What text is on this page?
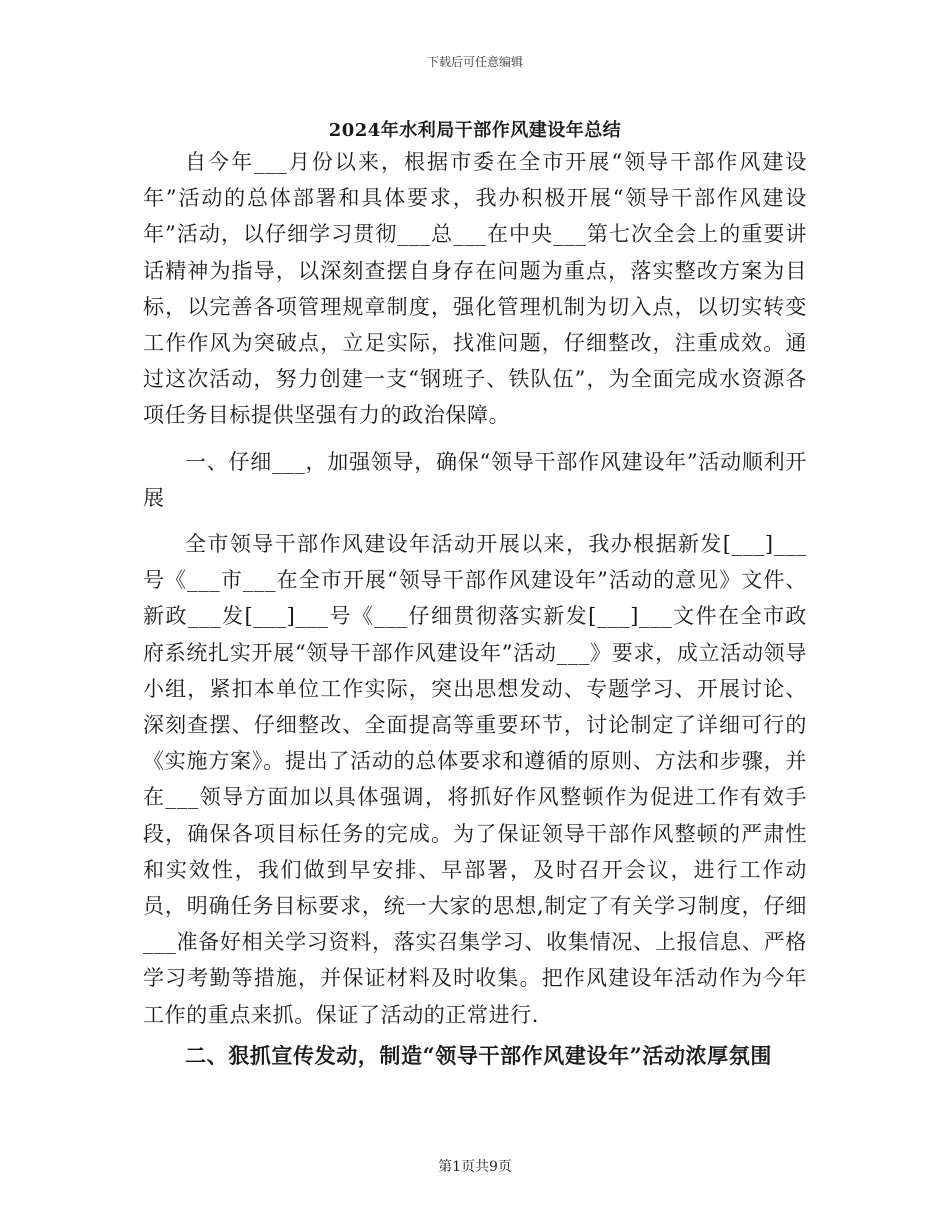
下载后可任意编辑
2024年水利局干部作风建设年总结

自今年___月份以来，根据市委在全市开展“领导干部作风建设年”活动的总体部署和具体要求，我办积极开展“领导干部作风建设年”活动，以仔细学习贯彻___总___在中央___第七次全会上的重要讲话精神为指导，以深刻查摆自身存在问题为重点，落实整改方案为目标，以完善各项管理规章制度，强化管理机制为切入点，以切实转变工作作风为突破点，立足实际，找准问题，仔细整改，注重成效。通过这次活动，努力创建一支“钢班子、铁队伍”，为全面完成水资源各项任务目标提供坚强有力的政治保障。

一、仔细___，加强领导，确保“领导干部作风建设年”活动顺利开展

全市领导干部作风建设年活动开展以来，我办根据新发[___]___号《___市___在全市开展“领导干部作风建设年”活动的意见》文件、新政___发[___]___号《___仔细贯彻落实新发[___]___文件在全市政府系统扎实开展“领导干部作风建设年”活动___》要求，成立活动领导小组，紧扣本单位工作实际，突出思想发动、专题学习、开展讨论、深刻查摆、仔细整改、全面提高等重要环节，讨论制定了详细可行的《实施方案》。提出了活动的总体要求和遵循的原则、方法和步骤，并在___领导方面加以具体强调，将抓好作风整顿作为促进工作有效手段，确保各项目标任务的完成。为了保证领导干部作风整顿的严肃性和实效性，我们做到早安排、早部署，及时召开会议，进行工作动员，明确任务目标要求，统一大家的思想,制定了有关学习制度，仔细___准备好相关学习资料，落实召集学习、收集情况、上报信息、严格学习考勤等措施，并保证材料及时收集。把作风建设年活动作为今年工作的重点来抓。保证了活动的正常进行.

二、狠抓宣传发动，制造“领导干部作风建设年”活动浓厚氛围
第1页共9页
